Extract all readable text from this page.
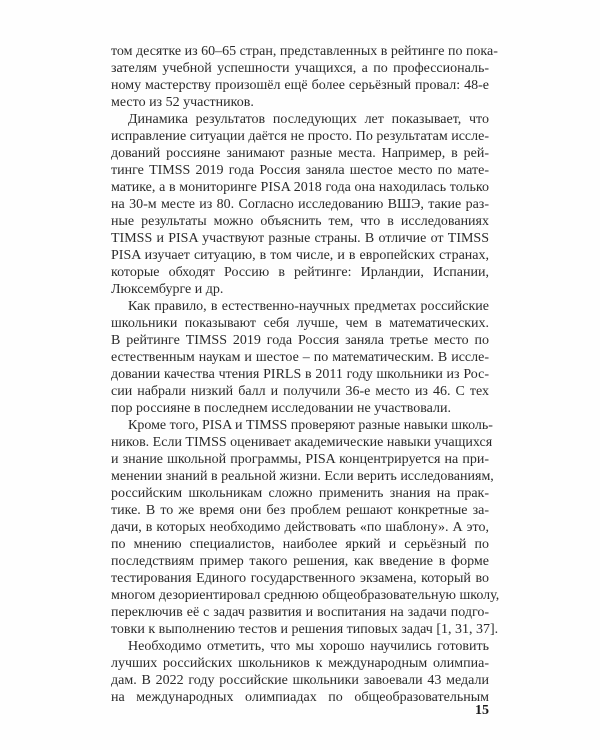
том десятке из 60–65 стран, представленных в рейтинге по пока-
зателям учебной успешности учащихся, а по профессиональ-
ному мастерству произошёл ещё более серьёзный провал: 48-е
место из 52 участников.
Динамика результатов последующих лет показывает, что
исправление ситуации даётся не просто. По результатам иссле-
дований россияне занимают разные места. Например, в рей-
тинге TIMSS 2019 года Россия заняла шестое место по мате-
матике, а в мониторинге PISA 2018 года она находилась только
на 30-м месте из 80. Согласно исследованию ВШЭ, такие раз-
ные результаты можно объяснить тем, что в исследованиях
TIMSS и PISA участвуют разные страны. В отличие от TIMSS
PISA изучает ситуацию, в том числе, и в европейских странах,
которые обходят Россию в рейтинге: Ирландии, Испании,
Люксембурге и др.
Как правило, в естественно-научных предметах российские
школьники показывают себя лучше, чем в математических.
В рейтинге TIMSS 2019 года Россия заняла третье место по
естественным наукам и шестое – по математическим. В иссле-
довании качества чтения PIRLS в 2011 году школьники из Рос-
сии набрали низкий балл и получили 36-е место из 46. С тех
пор россияне в последнем исследовании не участвовали.
Кроме того, PISA и TIMSS проверяют разные навыки школь-
ников. Если TIMSS оценивает академические навыки учащихся
и знание школьной программы, PISA концентрируется на при-
менении знаний в реальной жизни. Если верить исследованиям,
российским школьникам сложно применить знания на прак-
тике. В то же время они без проблем решают конкретные за-
дачи, в которых необходимо действовать «по шаблону». А это,
по мнению специалистов, наиболее яркий и серьёзный по
последствиям пример такого решения, как введение в форме
тестирования Единого государственного экзамена, который во
многом дезориентировал среднюю общеобразовательную школу,
переключив её с задач развития и воспитания на задачи подго-
товки к выполнению тестов и решения типовых задач [1, 31, 37].
Необходимо отметить, что мы хорошо научились готовить
лучших российских школьников к международным олимпиа-
дам. В 2022 году российские школьники завоевали 43 медали
на международных олимпиадах по общеобразовательным
15
